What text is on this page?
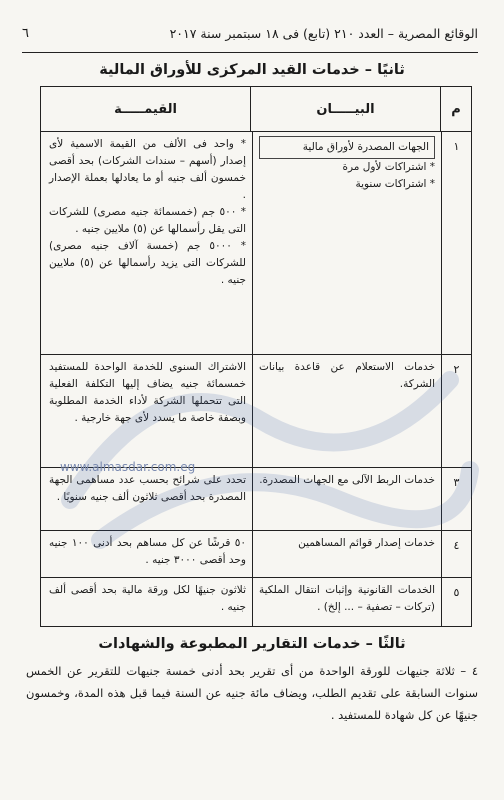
الوقائع المصرية – العدد ٢١٠ (تابع) فى ١٨ سبتمبر سنة ٢٠١٧
٦
ثانيًا – خدمات القيد المركزى للأوراق المالية
م
البيـــــان
القيمـــــة
١
الجهات المصدرة لأوراق مالية
* اشتراكات لأول مرة
* اشتراكات سنوية
* واحد فى الألف من القيمة الاسمية لأى إصدار (أسهم – سندات الشركات) بحد أقصى خمسون ألف جنيه أو ما يعادلها بعملة الإصدار .
* ٥٠٠ جم (خمسمائة جنيه مصرى) للشركات التى يقل رأسمالها عن (٥) ملايين جنيه .
* ٥٠٠٠ جم (خمسة آلاف جنيه مصرى) للشركات التى يزيد رأسمالها عن (٥) ملايين جنيه .
٢
خدمات الاستعلام عن قاعدة بيانات الشركة.
الاشتراك السنوى للخدمة الواحدة للمستفيد خمسمائة جنيه يضاف إليها التكلفة الفعلية التى تتحملها الشركة لأداء الخدمة المطلوبة وبصفة خاصة ما يسدد لأى جهة خارجية .
٣
خدمات الربط الآلى مع الجهات المصدرة.
تحدد على شرائح بحسب عدد مساهمى الجهة المصدرة بحد أقصى ثلاثون ألف جنيه سنويًا .
٤
خدمات إصدار قوائم المساهمين
٥٠ قرشًا عن كل مساهم بحد أدنى ١٠٠ جنيه وحد أقصى ٣٠٠٠ جنيه .
٥
الخدمات القانونية وإثبات انتقال الملكية (تركات – تصفية – ... إلخ) .
ثلاثون جنيهًا لكل ورقة مالية بحد أقصى ألف جنيه .
ثالثًا – خدمات التقارير المطبوعة والشهادات
٤ – ثلاثة جنيهات للورقة الواحدة من أى تقرير بحد أدنى خمسة جنيهات للتقرير عن الخمس سنوات السابقة على تقديم الطلب، ويضاف مائة جنيه عن السنة فيما قبل هذه المدة، وخمسون جنيهًا عن كل شهادة للمستفيد .
www.almasdar.com.eg
